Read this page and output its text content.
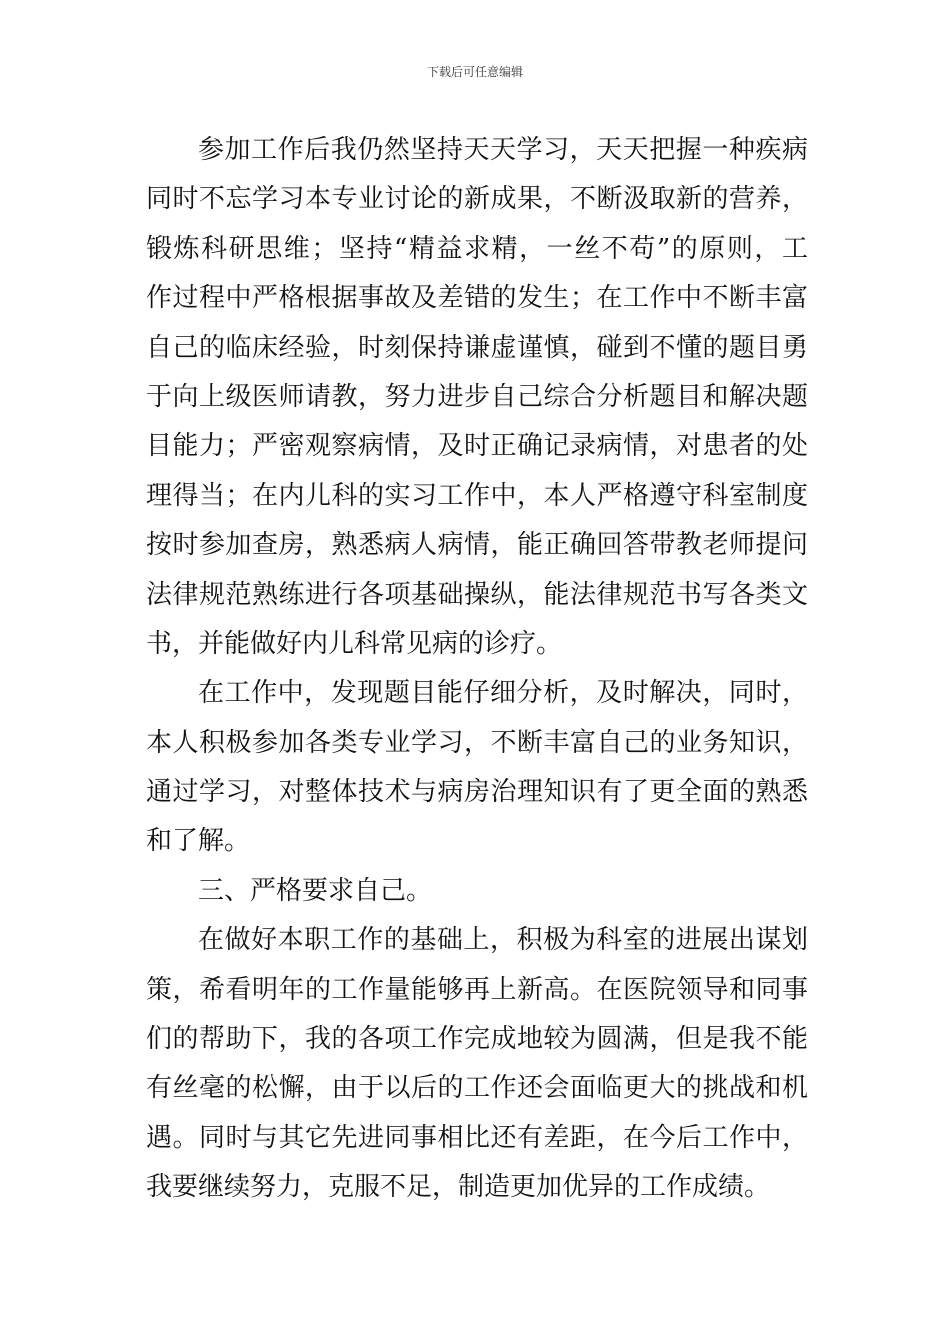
下载后可任意编辑
参加工作后我仍然坚持天天学习，天天把握一种疾病
同时不忘学习本专业讨论的新成果，不断汲取新的营养，
锻炼科研思维；坚持“精益求精，一丝不苟”的原则，工
作过程中严格根据事故及差错的发生；在工作中不断丰富
自己的临床经验，时刻保持谦虚谨慎，碰到不懂的题目勇
于向上级医师请教，努力进步自己综合分析题目和解决题
目能力；严密观察病情，及时正确记录病情，对患者的处
理得当；在内儿科的实习工作中，本人严格遵守科室制度
按时参加查房，熟悉病人病情，能正确回答带教老师提问
法律规范熟练进行各项基础操纵，能法律规范书写各类文
书，并能做好内儿科常见病的诊疗。
在工作中，发现题目能仔细分析，及时解决，同时，
本人积极参加各类专业学习，不断丰富自己的业务知识，
通过学习，对整体技术与病房治理知识有了更全面的熟悉
和了解。
三、严格要求自己。
在做好本职工作的基础上，积极为科室的进展出谋划
策，希看明年的工作量能够再上新高。在医院领导和同事
们的帮助下，我的各项工作完成地较为圆满，但是我不能
有丝毫的松懈，由于以后的工作还会面临更大的挑战和机
遇。同时与其它先进同事相比还有差距，在今后工作中，
我要继续努力，克服不足，制造更加优异的工作成绩。
